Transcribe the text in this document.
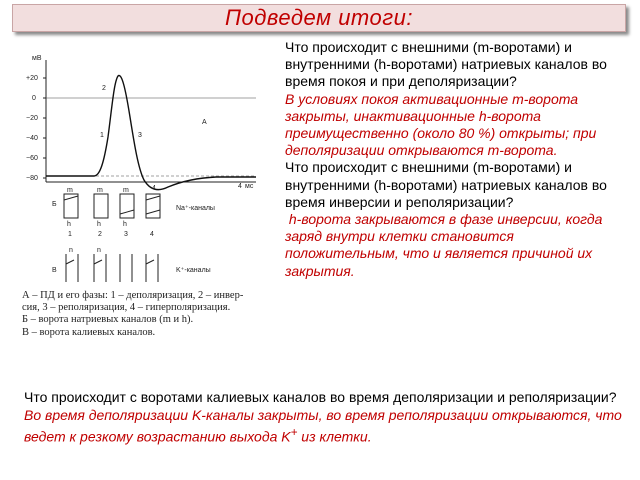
Подведем итоги:
мВ
+20
0
−20
−40
−60
−80
1
2
3
4
А
4 мс
Б
m
h
m
h
m
h
1	2	3	4
Na⁺-каналы
В
n	n
K⁺-каналы
А – ПД и его фазы: 1 – деполяризация, 2 – инвер-
сия, 3 – реполяризация, 4 – гиперполяризация.
Б – ворота натриевых каналов (m и h).
В – ворота калиевых каналов.
Что происходит с внешними (m-воротами) и внутренними (h-воротами) натриевых каналов во время покоя и при деполяризации?
В условиях покоя активационные m-ворота закрыты, инактивационные h-ворота преимущественно (около 80 %) открыты; при деполяризации открываются m-ворота.
Что происходит с внешними (m-воротами) и внутренними (h-воротами) натриевых каналов во время инверсии и реполяризации?
h-ворота закрываются в фазе инверсии, когда заряд внутри клетки становится положительным, что и является причиной их закрытия.
Что происходит с воротами калиевых каналов во время деполяризации и реполяризации?
Во время деполяризации K-каналы закрыты, во время реполяризации открываются, что ведет к резкому возрастанию выхода K+ из клетки.
